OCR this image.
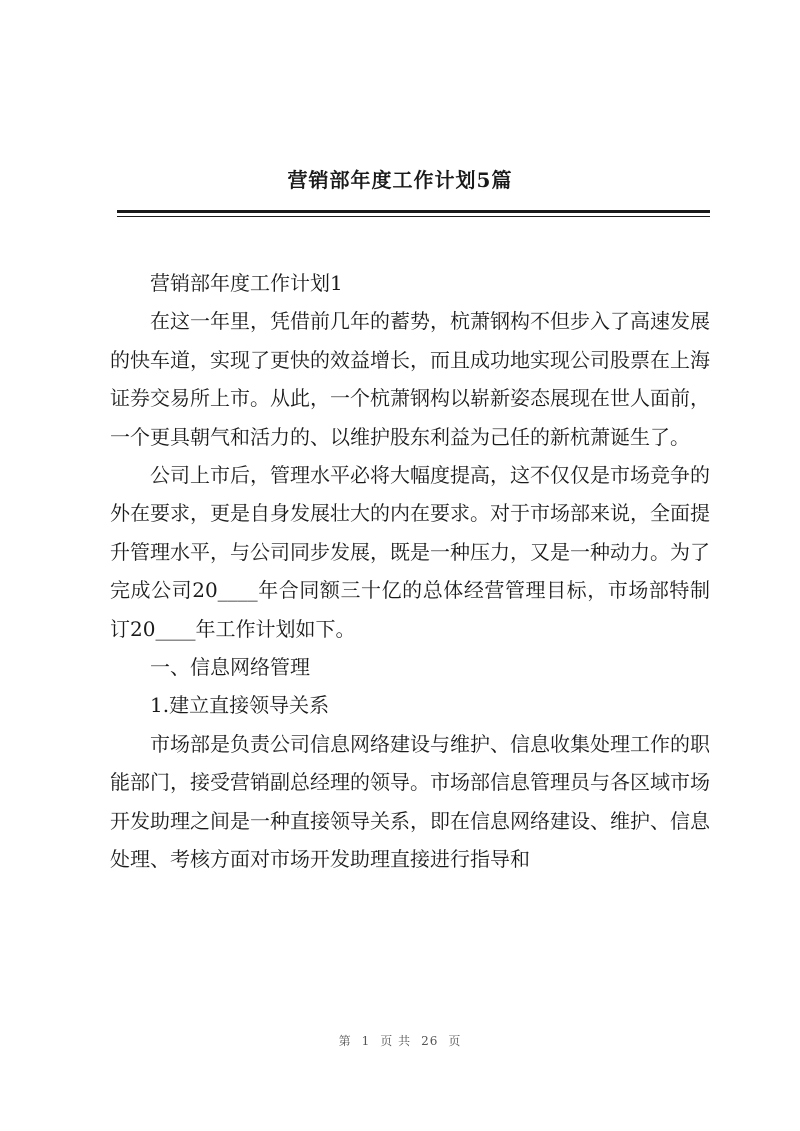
营销部年度工作计划5篇

营销部年度工作计划1

在这一年里，凭借前几年的蓄势，杭萧钢构不但步入了高速发展的快车道，实现了更快的效益增长，而且成功地实现公司股票在上海证券交易所上市。从此，一个杭萧钢构以崭新姿态展现在世人面前，一个更具朝气和活力的、以维护股东利益为己任的新杭萧诞生了。

公司上市后，管理水平必将大幅度提高，这不仅仅是市场竞争的外在要求，更是自身发展壮大的内在要求。对于市场部来说，全面提升管理水平，与公司同步发展，既是一种压力，又是一种动力。为了完成公司20____年合同额三十亿的总体经营管理目标，市场部特制订20____年工作计划如下。

一、信息网络管理

1.建立直接领导关系

市场部是负责公司信息网络建设与维护、信息收集处理工作的职能部门，接受营销副总经理的领导。市场部信息管理员与各区域市场开发助理之间是一种直接领导关系，即在信息网络建设、维护、信息处理、考核方面对市场开发助理直接进行指导和

第 1 页 共 26 页
